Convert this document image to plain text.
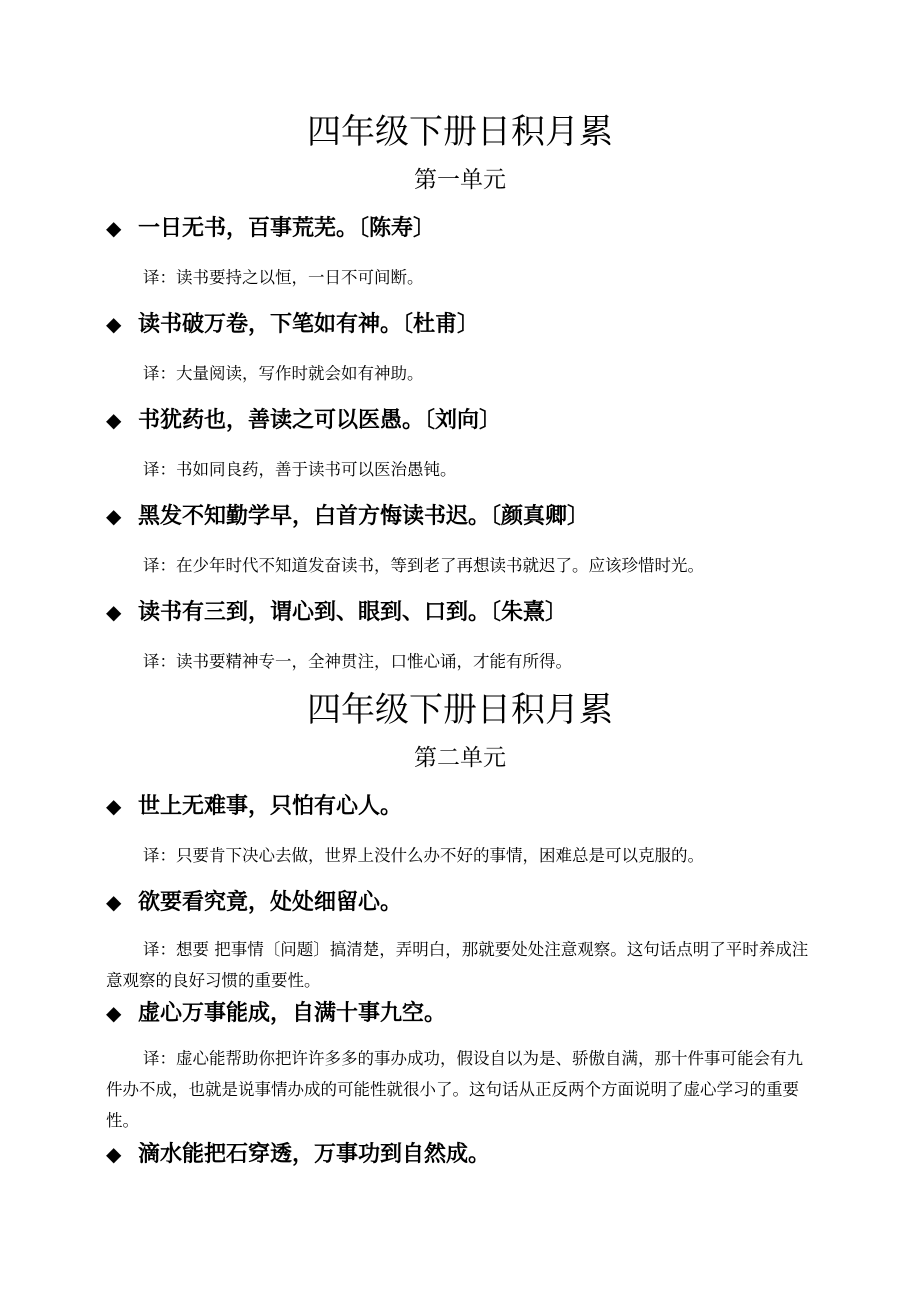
四年级下册日积月累
第一单元
◆ 一日无书，百事荒芜。〔陈寿〕
译：读书要持之以恒，一日不可间断。
◆ 读书破万卷，下笔如有神。〔杜甫〕
译：大量阅读，写作时就会如有神助。
◆ 书犹药也，善读之可以医愚。〔刘向〕
译：书如同良药，善于读书可以医治愚钝。
◆ 黑发不知勤学早，白首方悔读书迟。〔颜真卿〕
译：在少年时代不知道发奋读书，等到老了再想读书就迟了。应该珍惜时光。
◆ 读书有三到，谓心到、眼到、口到。〔朱熹〕
译：读书要精神专一，全神贯注，口惟心诵，才能有所得。
四年级下册日积月累
第二单元
◆ 世上无难事，只怕有心人。
译：只要肯下决心去做，世界上没什么办不好的事情，困难总是可以克服的。
◆ 欲要看究竟，处处细留心。
译：想要 把事情〔问题〕搞清楚，弄明白，那就要处处注意观察。这句话点明了平时养成注意观察的良好习惯的重要性。
◆ 虚心万事能成，自满十事九空。
译：虚心能帮助你把许许多多的事办成功，假设自以为是、骄傲自满，那十件事可能会有九件办不成，也就是说事情办成的可能性就很小了。这句话从正反两个方面说明了虚心学习的重要性。
◆ 滴水能把石穿透，万事功到自然成。
